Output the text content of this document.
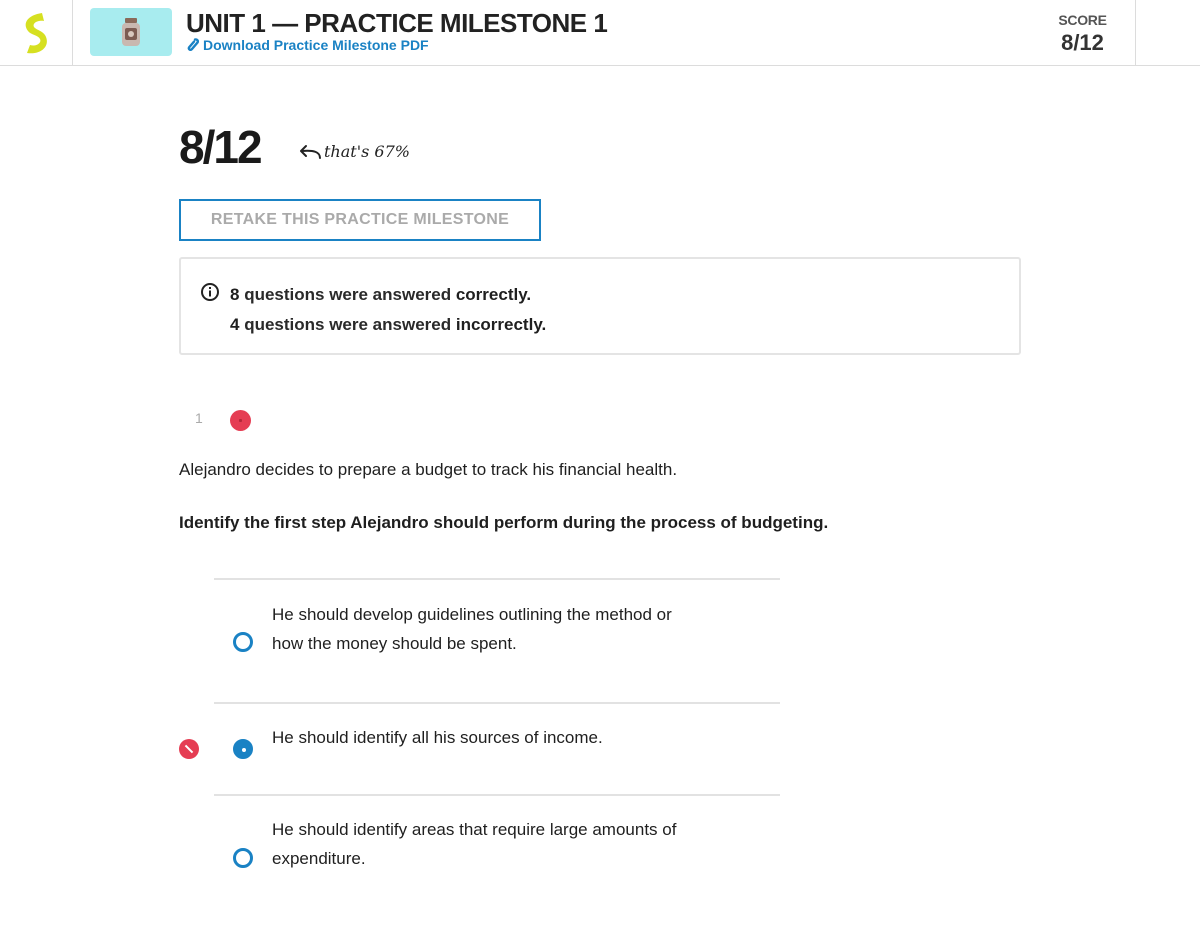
UNIT 1 — PRACTICE MILESTONE 1
Download Practice Milestone PDF
SCORE
8/12
8/12	that's 67%
RETAKE THIS PRACTICE MILESTONE
8 questions were answered correctly.
4 questions were answered incorrectly.
1
Alejandro decides to prepare a budget to track his financial health.
Identify the first step Alejandro should perform during the process of budgeting.
He should develop guidelines outlining the method or
how the money should be spent.
He should identify all his sources of income.
He should identify areas that require large amounts of
expenditure.
